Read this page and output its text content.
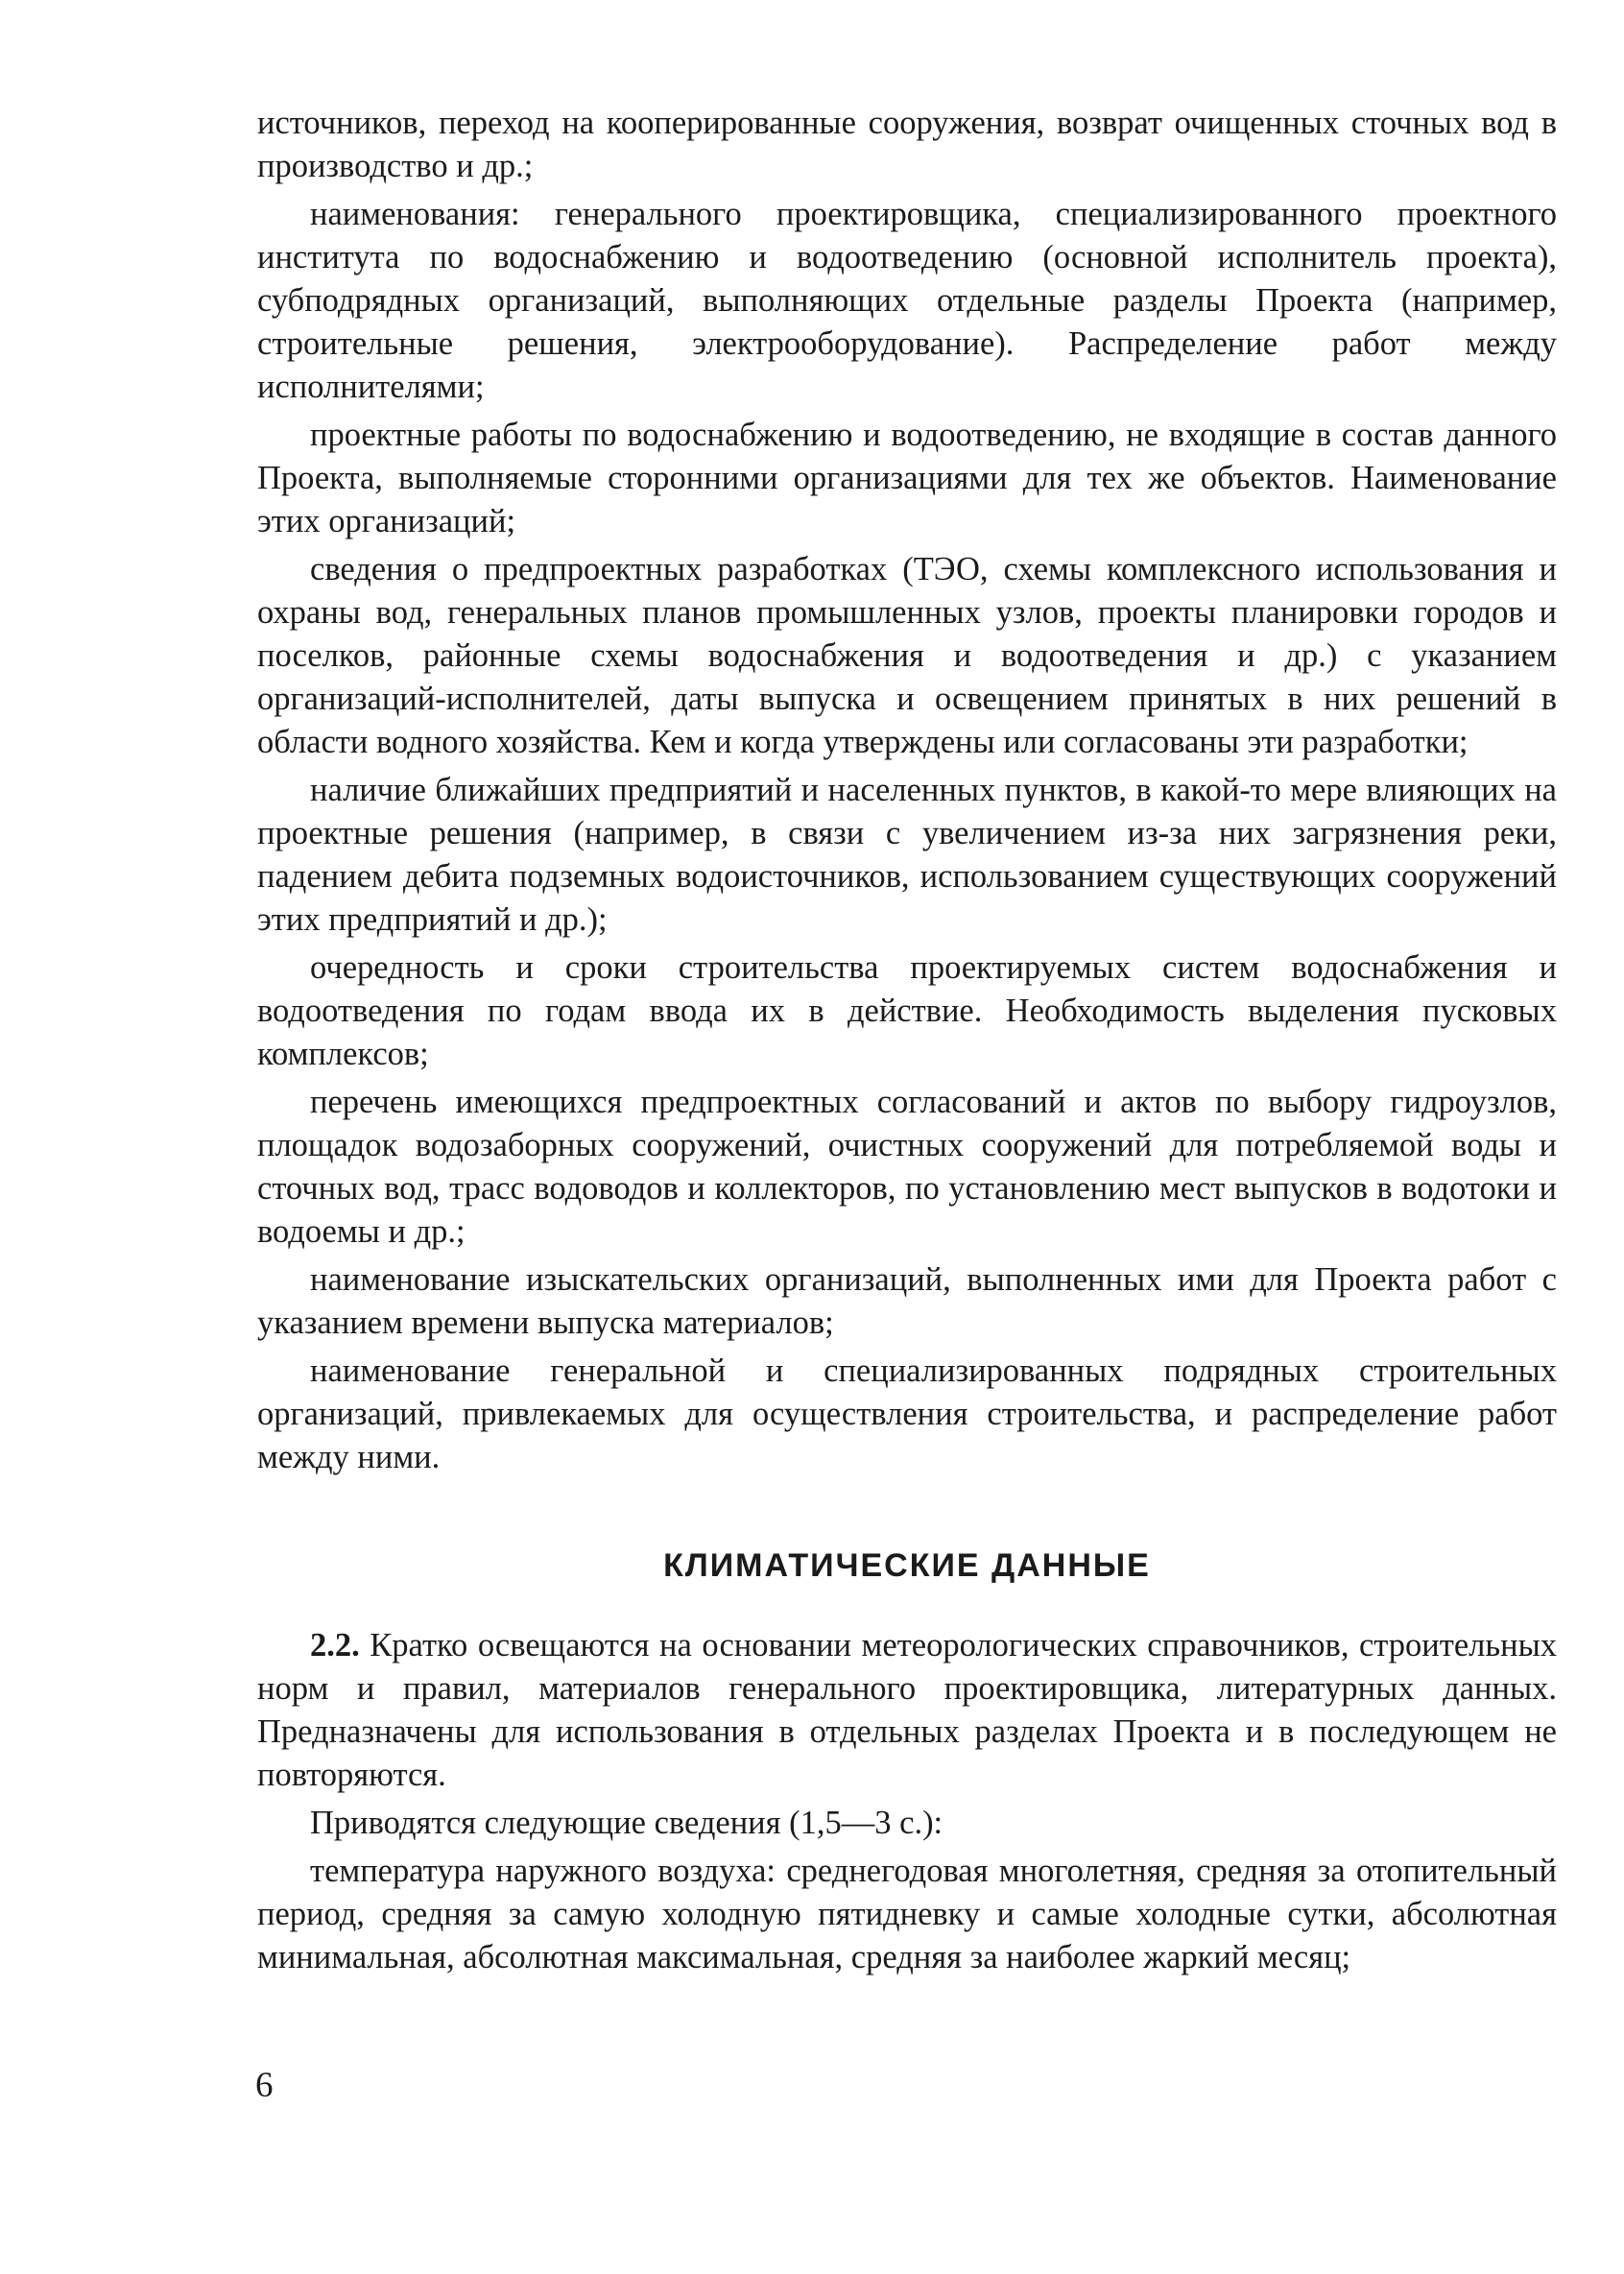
источников, переход на кооперированные сооружения, возврат очищенных сточных вод в производство и др.;

наименования: генерального проектировщика, специализированного проектного института по водоснабжению и водоотведению (основной исполнитель проекта), субподрядных организаций, выполняющих отдельные разделы Проекта (например, строительные решения, электрооборудование). Распределение работ между исполнителями;

проектные работы по водоснабжению и водоотведению, не входящие в состав данного Проекта, выполняемые сторонними организациями для тех же объектов. Наименование этих организаций;

сведения о предпроектных разработках (ТЭО, схемы комплексного использования и охраны вод, генеральных планов промышленных узлов, проекты планировки городов и поселков, районные схемы водоснабжения и водоотведения и др.) с указанием организаций-исполнителей, даты выпуска и освещением принятых в них решений в области водного хозяйства. Кем и когда утверждены или согласованы эти разработки;

наличие ближайших предприятий и населенных пунктов, в какой-то мере влияющих на проектные решения (например, в связи с увеличением из-за них загрязнения реки, падением дебита подземных водоисточников, использованием существующих сооружений этих предприятий и др.);

очередность и сроки строительства проектируемых систем водоснабжения и водоотведения по годам ввода их в действие. Необходимость выделения пусковых комплексов;

перечень имеющихся предпроектных согласований и актов по выбору гидроузлов, площадок водозаборных сооружений, очистных сооружений для потребляемой воды и сточных вод, трасс водоводов и коллекторов, по установлению мест выпусков в водотоки и водоемы и др.;

наименование изыскательских организаций, выполненных ими для Проекта работ с указанием времени выпуска материалов;

наименование генеральной и специализированных подрядных строительных организаций, привлекаемых для осуществления строительства, и распределение работ между ними.

КЛИМАТИЧЕСКИЕ ДАННЫЕ

2.2. Кратко освещаются на основании метеорологических справочников, строительных норм и правил, материалов генерального проектировщика, литературных данных. Предназначены для использования в отдельных разделах Проекта и в последующем не повторяются.

Приводятся следующие сведения (1,5—3 с.):

температура наружного воздуха: среднегодовая многолетняя, средняя за отопительный период, средняя за самую холодную пятидневку и самые холодные сутки, абсолютная минимальная, абсолютная максимальная, средняя за наиболее жаркий месяц;

6
